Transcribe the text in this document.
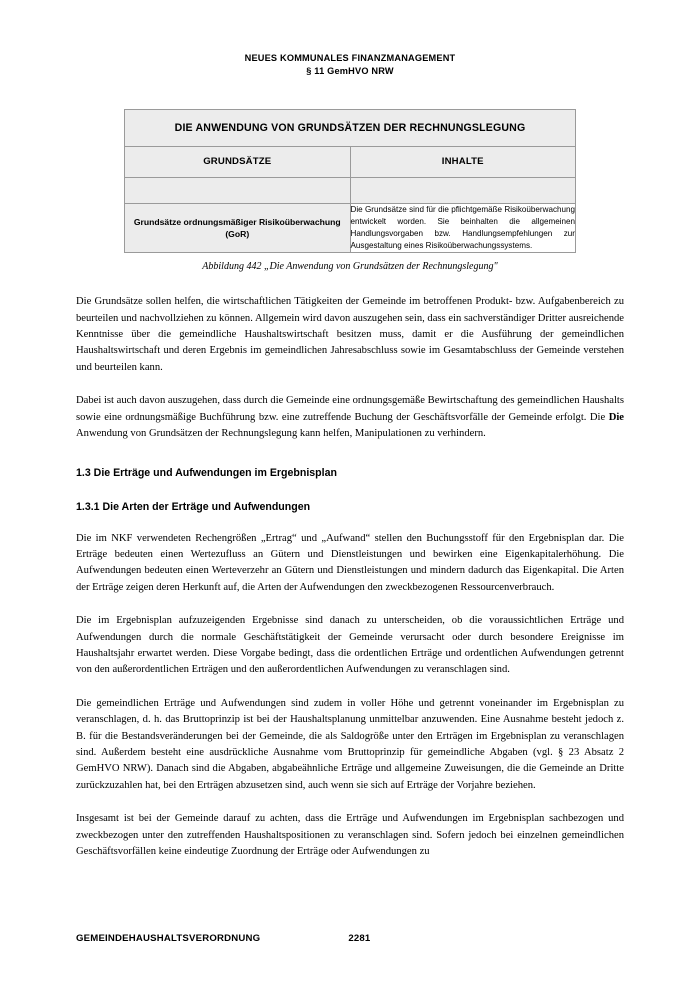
NEUES KOMMUNALES FINANZMANAGEMENT
§ 11 GemHVO NRW
DIE ANWENDUNG VON GRUNDSÄTZEN DER RECHNUNGSLEGUNG	
GRUNDSÄTZE	INHALTE

Grundsätze ordnungsmäßiger Risikoüberwachung (GoR)	Die Grundsätze sind für die pflichtgemäße Risikoüberwachung entwickelt worden. Sie beinhalten die allgemeinen Handlungsvorgaben bzw. Handlungsempfehlungen zur Ausgestaltung eines Risikoüberwachungssystems.
Abbildung 442 „Die Anwendung von Grundsätzen der Rechnungslegung"

Die Grundsätze sollen helfen, die wirtschaftlichen Tätigkeiten der Gemeinde im betroffenen Produkt- bzw. Aufgabenbereich zu beurteilen und nachvollziehen zu können. Allgemein wird davon auszugehen sein, dass ein sachverständiger Dritter ausreichende Kenntnisse über die gemeindliche Haushaltswirtschaft besitzen muss, damit er die Ausführung der gemeindlichen Haushaltswirtschaft und deren Ergebnis im gemeindlichen Jahresabschluss sowie im Gesamtabschluss der Gemeinde verstehen und beurteilen kann.

Dabei ist auch davon auszugehen, dass durch die Gemeinde eine ordnungsgemäße Bewirtschaftung des gemeindlichen Haushalts sowie eine ordnungsmäßige Buchführung bzw. eine zutreffende Buchung der Geschäftsvorfälle der Gemeinde erfolgt. Die Die Anwendung von Grundsätzen der Rechnungslegung kann helfen, Manipulationen zu verhindern.

1.3 Die Erträge und Aufwendungen im Ergebnisplan
1.3.1 Die Arten der Erträge und Aufwendungen

Die im NKF verwendeten Rechengrößen „Ertrag“ und „Aufwand“ stellen den Buchungsstoff für den Ergebnisplan dar. Die Erträge bedeuten einen Wertezufluss an Gütern und Dienstleistungen und bewirken eine Eigenkapitalerhöhung. Die Aufwendungen bedeuten einen Werteverzehr an Gütern und Dienstleistungen und mindern dadurch das Eigenkapital. Die Arten der Erträge zeigen deren Herkunft auf, die Arten der Aufwendungen den zweckbezogenen Ressourcenverbrauch.

Die im Ergebnisplan aufzuzeigenden Ergebnisse sind danach zu unterscheiden, ob die voraussichtlichen Erträge und Aufwendungen durch die normale Geschäftstätigkeit der Gemeinde verursacht oder durch besondere Ereignisse im Haushaltsjahr erwartet werden. Diese Vorgabe bedingt, dass die ordentlichen Erträge und ordentlichen Aufwendungen getrennt von den außerordentlichen Erträgen und den außerordentlichen Aufwendungen zu veranschlagen sind.

Die gemeindlichen Erträge und Aufwendungen sind zudem in voller Höhe und getrennt voneinander im Ergebnisplan zu veranschlagen, d. h. das Bruttoprinzip ist bei der Haushaltsplanung unmittelbar anzuwenden. Eine Ausnahme besteht jedoch z. B. für die Bestandsveränderungen bei der Gemeinde, die als Saldogröße unter den Erträgen im Ergebnisplan zu veranschlagen sind. Außerdem besteht eine ausdrückliche Ausnahme vom Bruttoprinzip für gemeindliche Abgaben (vgl. § 23 Absatz 2 GemHVO NRW). Danach sind die Abgaben, abgabeähnliche Erträge und allgemeine Zuweisungen, die die Gemeinde an Dritte zurückzuzahlen hat, bei den Erträgen abzusetzen sind, auch wenn sie sich auf Erträge der Vorjahre beziehen.

Insgesamt ist bei der Gemeinde darauf zu achten, dass die Erträge und Aufwendungen im Ergebnisplan sachbezogen und zweckbezogen unter den zutreffenden Haushaltspositionen zu veranschlagen sind. Sofern jedoch bei einzelnen gemeindlichen Geschäftsvorfällen keine eindeutige Zuordnung der Erträge oder Aufwendungen zu

GEMEINDEHAUSHALTSVERORDNUNG	2281
